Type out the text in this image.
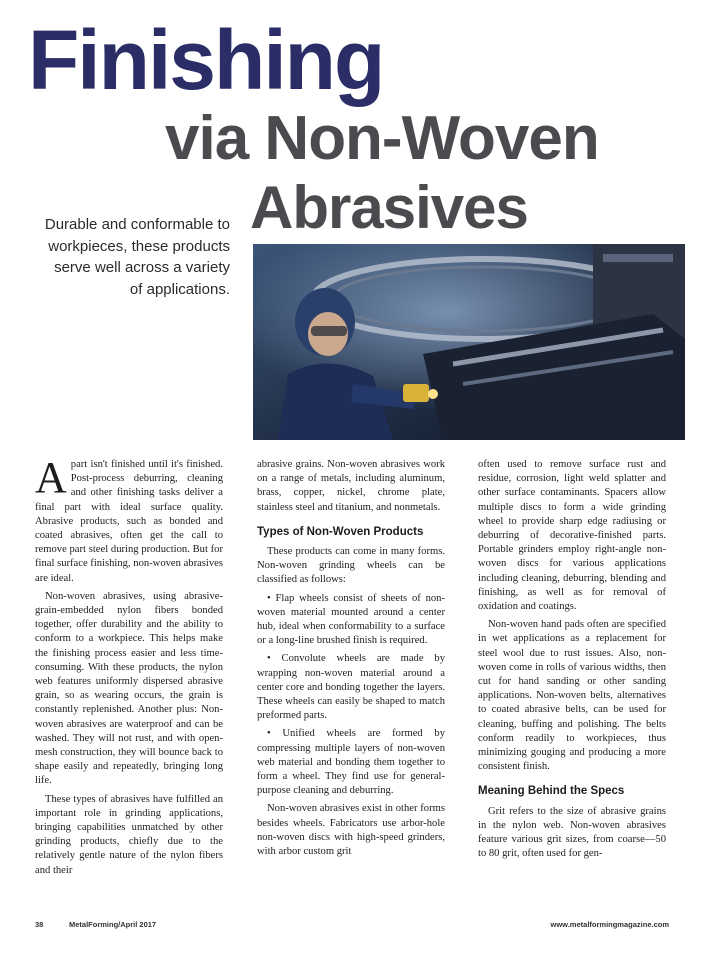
Finishing
via Non-Woven
Abrasives
Durable and conformable to workpieces, these products serve well across a variety of applications.

Apart isn't finished until it's finished. Post-process deburring, cleaning and other finishing tasks deliver a final part with ideal surface quality. Abrasive products, such as bonded and coated abrasives, often get the call to remove part steel during production. But for final surface finishing, non-woven abrasives are ideal.

Non-woven abrasives, using abrasive-grain-embedded nylon fibers bonded together, offer durability and the ability to conform to a workpiece. This helps make the finishing process easier and less time-consuming. With these products, the nylon web features uniformly dispersed abrasive grain, so as wearing occurs, the grain is constantly replenished. Another plus: Non-woven abrasives are waterproof and can be washed. They will not rust, and with open-mesh construction, they will bounce back to shape easily and repeatedly, bringing long life.

These types of abrasives have fulfilled an important role in grinding applications, bringing capabilities unmatched by other grinding products, chiefly due to the relatively gentle nature of the nylon fibers and their

abrasive grains. Non-woven abrasives work on a range of metals, including aluminum, brass, copper, nickel, chrome plate, stainless steel and titanium, and nonmetals.

Types of Non-Woven Products

These products can come in many forms. Non-woven grinding wheels can be classified as follows:

• Flap wheels consist of sheets of non-woven material mounted around a center hub, ideal when conformability to a surface or a long-line brushed finish is required.

• Convolute wheels are made by wrapping non-woven material around a center core and bonding together the layers. These wheels can easily be shaped to match preformed parts.

• Unified wheels are formed by compressing multiple layers of non-woven web material and bonding them together to form a wheel. They find use for general-purpose cleaning and deburring.

Non-woven abrasives exist in other forms besides wheels. Fabricators use arbor-hole non-woven discs with high-speed grinders, with arbor custom grit

often used to remove surface rust and residue, corrosion, light weld splatter and other surface contaminants. Spacers allow multiple discs to form a wide grinding wheel to provide sharp edge radiusing or deburring of decorative-finished parts. Portable grinders employ right-angle non-woven discs for various applications including cleaning, deburring, blending and finishing, as well as for removal of oxidation and coatings.

Non-woven hand pads often are specified in wet applications as a replacement for steel wool due to rust issues. Also, non-woven come in rolls of various widths, then cut for hand sanding or other sanding applications. Non-woven belts, alternatives to coated abrasive belts, can be used for cleaning, buffing and polishing. The belts conform readily to workpieces, thus minimizing gouging and producing a more consistent finish.

Meaning Behind the Specs

Grit refers to the size of abrasive grains in the nylon web. Non-woven abrasives feature various grit sizes, from coarse—50 to 80 grit, often used for gen-

38	MetalForming/April 2017	www.metalformingmagazine.com
